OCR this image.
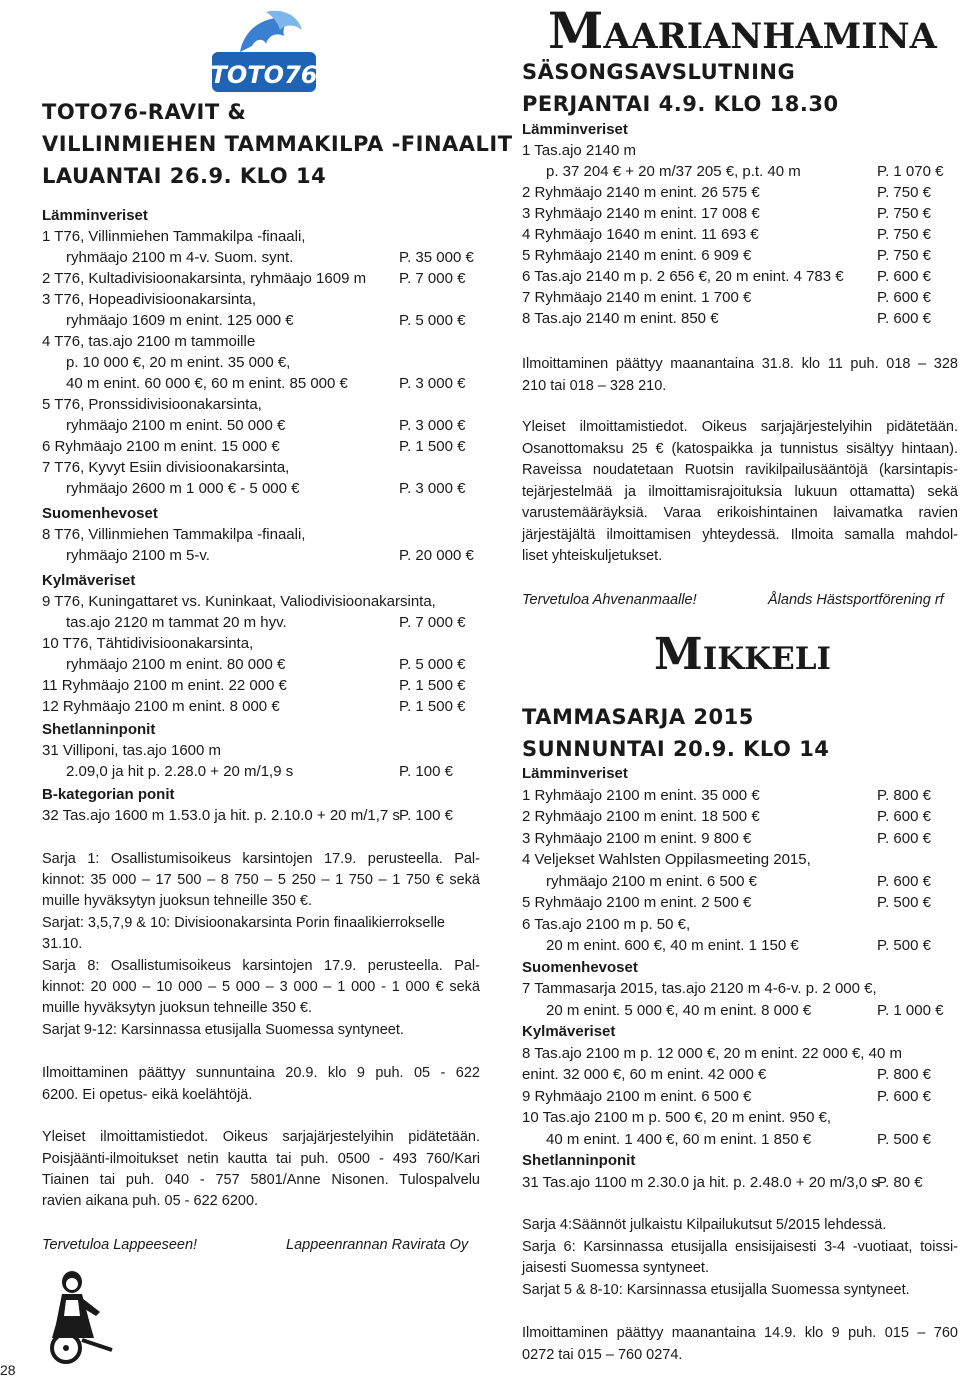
TOTO76
TOTO76-RAVIT &
VILLINMIEHEN TAMMAKILPA -FINAALIT
LAUANTAI 26.9. KLO 14
Lämminveriset
1 T76, Villinmiehen Tammakilpa -finaali,
ryhmäajo 2100 m 4-v. Suom. synt.	P. 35 000 €
2 T76, Kultadivisioonakarsinta, ryhmäajo 1609 m P. 7 000 €
3 T76, Hopeadivisioonakarsinta,
ryhmäajo 1609 m enint. 125 000 €	P. 5 000 €
4 T76, tas.ajo 2100 m tammoille
p. 10 000 €, 20 m enint. 35 000 €,
40 m enint. 60 000 €, 60 m enint. 85 000 €	P. 3 000 €
5 T76, Pronssidivisioonakarsinta,
ryhmäajo 2100 m enint. 50 000 €	P. 3 000 €
6 Ryhmäajo 2100 m enint. 15 000 €	P. 1 500 €
7 T76, Kyvyt Esiin divisioonakarsinta,
ryhmäajo 2600 m 1 000 € - 5 000 €	P. 3 000 €
Suomenhevoset
8 T76, Villinmiehen Tammakilpa -finaali,
ryhmäajo 2100 m 5-v.	P. 20 000 €
Kylmäveriset
9 T76, Kuningattaret vs. Kuninkaat, Valiodivisioonakarsinta,
tas.ajo 2120 m tammat 20 m hyv.	P. 7 000 €
10 T76, Tähtidivisioonakarsinta,
ryhmäajo 2100 m enint. 80 000 €	P. 5 000 €
11 Ryhmäajo 2100 m enint. 22 000 €	P. 1 500 €
12 Ryhmäajo 2100 m enint. 8 000 €	P. 1 500 €
Shetlanninponit
31 Villiponi, tas.ajo 1600 m
2.09,0 ja hit p. 2.28.0 + 20 m/1,9 s	P. 100 €
B-kategorian ponit
32 Tas.ajo 1600 m 1.53.0 ja hit. p. 2.10.0 + 20 m/1,7 s P. 100 €
Sarja 1: Osallistumisoikeus karsintojen 17.9. perusteella. Pal-
kinnot: 35 000 – 17 500 – 8 750 – 5 250 – 1 750 – 1 750 € sekä
muille hyväksytyn juoksun tehneille 350 €.
Sarjat: 3,5,7,9 & 10: Divisioonakarsinta Porin finaalikierrokselle
31.10.
Sarja 8: Osallistumisoikeus karsintojen 17.9. perusteella. Pal-
kinnot: 20 000 – 10 000 – 5 000 – 3 000 – 1 000 - 1 000 € sekä
muille hyväksytyn juoksun tehneille 350 €.
Sarjat 9-12: Karsinnassa etusijalla Suomessa syntyneet.
Ilmoittaminen päättyy sunnuntaina 20.9. klo 9 puh. 05 - 622
6200. Ei opetus- eikä koelähtöjä.
Yleiset ilmoittamistiedot. Oikeus sarjajärjestelyihin pidätetään.
Poisjäänti-ilmoitukset netin kautta tai puh. 0500 - 493 760/Kari
Tiainen tai puh. 040 - 757 5801/Anne Nisonen. Tulospalvelu
ravien aikana puh. 05 - 622 6200.
Tervetuloa Lappeeseen!	Lappeenrannan Ravirata Oy
28
Maarianhamina
SÄSONGSAVSLUTNING
PERJANTAI 4.9. KLO 18.30
Lämminveriset
1 Tas.ajo 2140 m
p. 37 204 € + 20 m/37 205 €, p.t. 40 m	P. 1 070 €
2 Ryhmäajo 2140 m enint. 26 575 €	P. 750 €
3 Ryhmäajo 2140 m enint. 17 008 €	P. 750 €
4 Ryhmäajo 1640 m enint. 11 693 €	P. 750 €
5 Ryhmäajo 2140 m enint. 6 909 €	P. 750 €
6 Tas.ajo 2140 m p. 2 656 €, 20 m enint. 4 783 € P. 600 €
7 Ryhmäajo 2140 m enint. 1 700 €	P. 600 €
8 Tas.ajo 2140 m enint. 850 €	P. 600 €
Ilmoittaminen päättyy maanantaina 31.8. klo 11 puh. 018 – 328
210 tai 018 – 328 210.
Yleiset ilmoittamistiedot. Oikeus sarjajärjestelyihin pidätetään.
Osanottomaksu 25 € (katospaikka ja tunnistus sisältyy hintaan).
Raveissa noudatetaan Ruotsin ravikilpailusääntöjä (karsintapis-
tejärjestelmää ja ilmoittamisrajoituksia lukuun ottamatta) sekä
varustemääräyksiä. Varaa erikoishintainen laivamatka ravien
järjestäjältä ilmoittamisen yhteydessä. Ilmoita samalla mahdol-
liset yhteiskuljetukset.
Tervetuloa Ahvenanmaalle!	Ålands Hästsportförening rf
Mikkeli
TAMMASARJA 2015
SUNNUNTAI 20.9. KLO 14
Lämminveriset
1 Ryhmäajo 2100 m enint. 35 000 €	P. 800 €
2 Ryhmäajo 2100 m enint. 18 500 €	P. 600 €
3 Ryhmäajo 2100 m enint. 9 800 €	P. 600 €
4 Veljekset Wahlsten Oppilasmeeting 2015,
ryhmäajo 2100 m enint. 6 500 €	P. 600 €
5 Ryhmäajo 2100 m enint. 2 500 €	P. 500 €
6 Tas.ajo 2100 m p. 50 €,
20 m enint. 600 €, 40 m enint. 1 150 €	P. 500 €
Suomenhevoset
7 Tammasarja 2015, tas.ajo 2120 m 4-6-v. p. 2 000 €,
20 m enint. 5 000 €, 40 m enint. 8 000 €	P. 1 000 €
Kylmäveriset
8 Tas.ajo 2100 m p. 12 000 €, 20 m enint. 22 000 €, 40 m
enint. 32 000 €, 60 m enint. 42 000 €	P. 800 €
9 Ryhmäajo 2100 m enint. 6 500 €	P. 600 €
10 Tas.ajo 2100 m p. 500 €, 20 m enint. 950 €,
40 m enint. 1 400 €, 60 m enint. 1 850 €	P. 500 €
Shetlanninponit
31 Tas.ajo 1100 m 2.30.0 ja hit. p. 2.48.0 + 20 m/3,0 s
P. 80 €
Sarja 4:Säännöt julkaistu Kilpailukutsut 5/2015 lehdessä.
Sarja 6: Karsinnassa etusijalla ensisijaisesti 3-4 -vuotiaat, toissi-
jaisesti Suomessa syntyneet.
Sarjat 5 & 8-10: Karsinnassa etusijalla Suomessa syntyneet.
Ilmoittaminen päättyy maanantaina 14.9. klo 9 puh. 015 – 760
0272 tai 015 – 760 0274.
